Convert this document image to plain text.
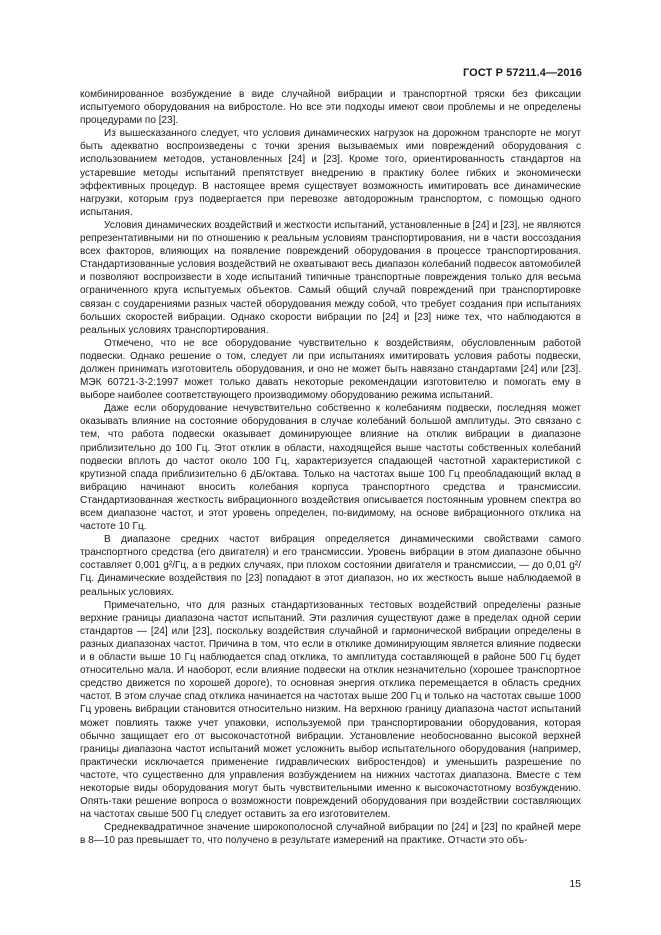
ГОСТ Р 57211.4—2016

комбинированное возбуждение в виде случайной вибрации и транспортной тряски без фиксации испытуемого оборудования на вибростоле. Но все эти подходы имеют свои проблемы и не определены процедурами по [23].

Из вышесказанного следует, что условия динамических нагрузок на дорожном транспорте не могут быть адекватно воспроизведены с точки зрения вызываемых ими повреждений оборудования с использованием методов, установленных [24] и [23]. Кроме того, ориентированность стандартов на устаревшие методы испытаний препятствует внедрению в практику более гибких и экономически эффективных процедур. В настоящее время существует возможность имитировать все динамические нагрузки, которым груз подвергается при перевозке автодорожным транспортом, с помощью одного испытания.

Условия динамических воздействий и жесткости испытаний, установленные в [24] и [23], не являются репрезентативными ни по отношению к реальным условиям транспортирования, ни в части воссоздания всех факторов, влияющих на появление повреждений оборудования в процессе транспортирования. Стандартизованные условия воздействий не охватывают весь диапазон колебаний подвесок автомобилей и позволяют воспроизвести в ходе испытаний типичные транспортные повреждения только для весьма ограниченного круга испытуемых объектов. Самый общий случай повреждений при транспортировке связан с соударениями разных частей оборудования между собой, что требует создания при испытаниях больших скоростей вибрации. Однако скорости вибрации по [24] и [23] ниже тех, что наблюдаются в реальных условиях транспортирования.

Отмечено, что не все оборудование чувствительно к воздействиям, обусловленным работой подвески. Однако решение о том, следует ли при испытаниях имитировать условия работы подвески, должен принимать изготовитель оборудования, и оно не может быть навязано стандартами [24] или [23]. МЭК 60721-3-2:1997 может только давать некоторые рекомендации изготовителю и помогать ему в выборе наиболее соответствующего производимому оборудованию режима испытаний.

Даже если оборудование нечувствительно собственно к колебаниям подвески, последняя может оказывать влияние на состояние оборудования в случае колебаний большой амплитуды. Это связано с тем, что работа подвески оказывает доминирующее влияние на отклик вибрации в диапазоне приблизительно до 100 Гц. Этот отклик в области, находящейся выше частоты собственных колебаний подвески вплоть до частот около 100 Гц, характеризуется спадающей частотной характеристикой с крутизной спада приблизительно 6 дБ/октава. Только на частотах выше 100 Гц преобладающий вклад в вибрацию начинают вносить колебания корпуса транспортного средства и трансмиссии. Стандартизованная жесткость вибрационного воздействия описывается постоянным уровнем спектра во всем диапазоне частот, и этот уровень определен, по-видимому, на основе вибрационного отклика на частоте 10 Гц.

В диапазоне средних частот вибрация определяется динамическими свойствами самого транспортного средства (его двигателя) и его трансмиссии. Уровень вибрации в этом диапазоне обычно составляет 0,001 g²/Гц, а в редких случаях, при плохом состоянии двигателя и трансмиссии, — до 0,01 g²/Гц. Динамические воздействия по [23] попадают в этот диапазон, но их жесткость выше наблюдаемой в реальных условиях.

Примечательно, что для разных стандартизованных тестовых воздействий определены разные верхние границы диапазона частот испытаний. Эти различия существуют даже в пределах одной серии стандартов — [24] или [23], поскольку воздействия случайной и гармонической вибрации определены в разных диапазонах частот. Причина в том, что если в отклике доминирующим является влияние подвески и в области выше 10 Гц наблюдается спад отклика, то амплитуда составляющей в районе 500 Гц будет относительно мала. И наоборот, если влияние подвески на отклик незначительно (хорошее транспортное средство движется по хорошей дороге), то основная энергия отклика перемещается в область средних частот. В этом случае спад отклика начинается на частотах выше 200 Гц и только на частотах свыше 1000 Гц уровень вибрации становится относительно низким. На верхнюю границу диапазона частот испытаний может повлиять также учет упаковки, используемой при транспортировании оборудования, которая обычно защищает его от высокочастотной вибрации. Установление необоснованно высокой верхней границы диапазона частот испытаний может усложнить выбор испытательного оборудования (например, практически исключается применение гидравлических вибростендов) и уменьшить разрешение по частоте, что существенно для управления возбуждением на нижних частотах диапазона. Вместе с тем некоторые виды оборудования могут быть чувствительными именно к высокочастотному возбуждению. Опять-таки решение вопроса о возможности повреждений оборудования при воздействии составляющих на частотах свыше 500 Гц следует оставить за его изготовителем.

Среднеквадратичное значение широкополосной случайной вибрации по [24] и [23] по крайней мере в 8—10 раз превышает то, что получено в результате измерений на практике. Отчасти это объ-

15
